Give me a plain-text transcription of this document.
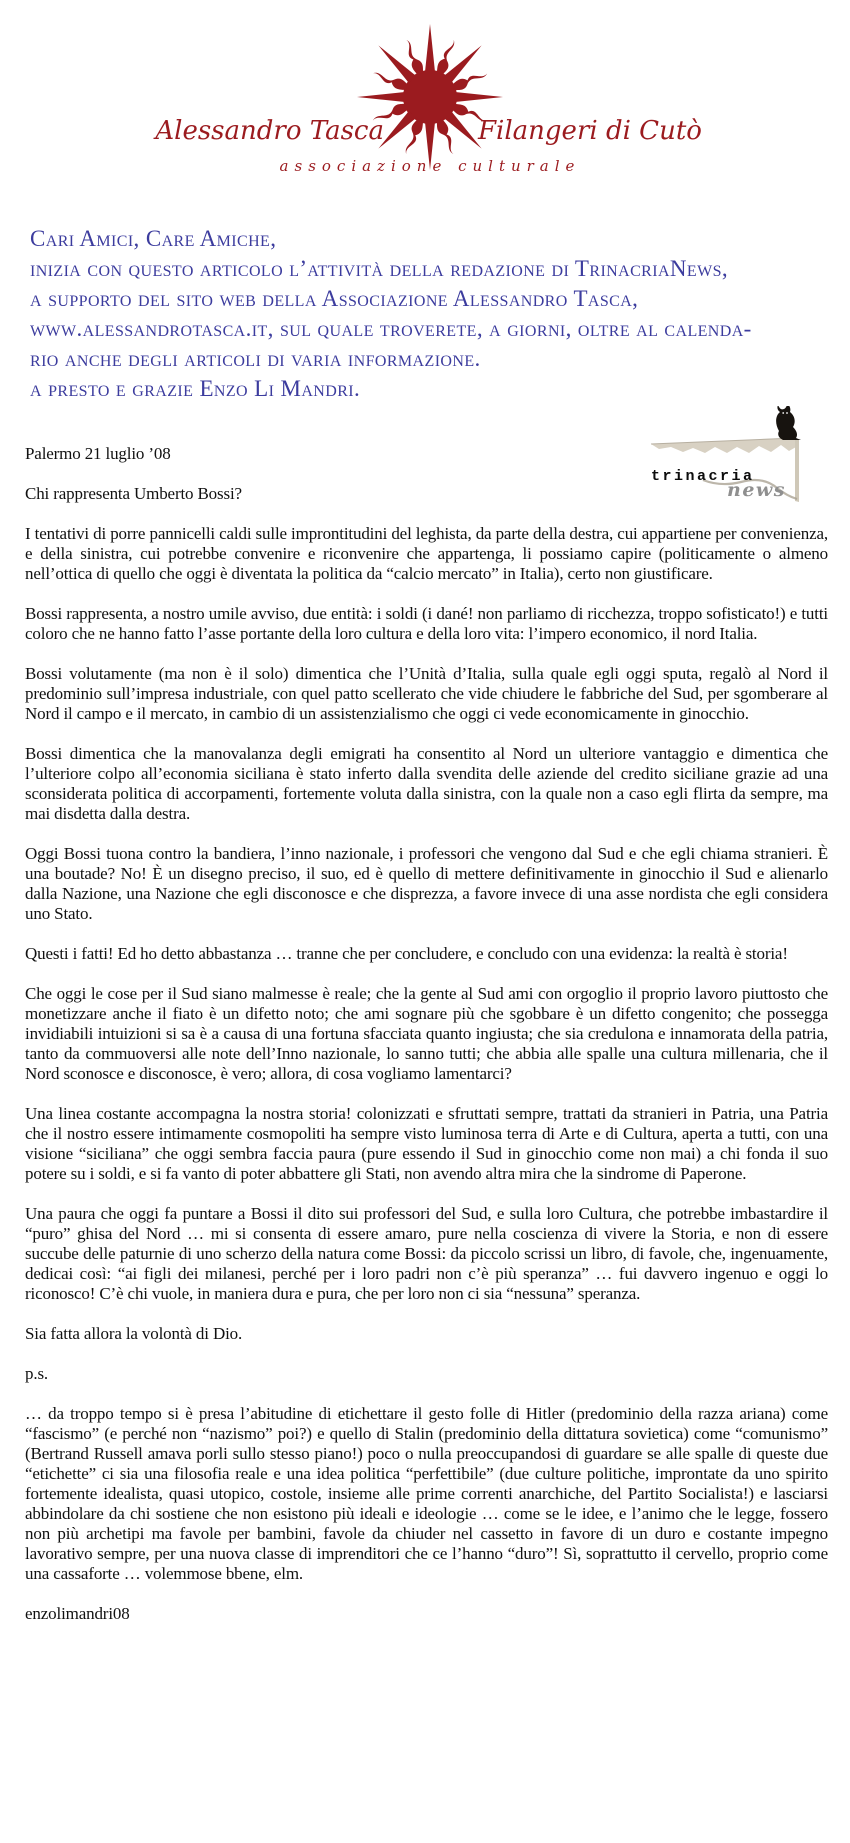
Alessandro Tasca	Filangeri di Cutò
associazione culturale
Cari Amici, Care Amiche,
inizia con questo articolo l’attività della redazione di TrinacriaNews,
a supporto del sito web della Associazione Alessandro Tasca,
www.alessandrotasca.it, sul quale troverete, a giorni, oltre al calenda-
rio anche degli articoli di varia informazione.
a presto e grazie Enzo Li Mandri.
trinacria
news

Palermo 21 luglio ’08

Chi rappresenta Umberto Bossi?

I tentativi di porre pannicelli caldi sulle improntitudini del leghista, da parte della destra, cui appartiene per convenienza, e della sinistra, cui potrebbe convenire e riconvenire che appartenga, li possiamo capire (politicamente o almeno nell’ottica di quello che oggi è diventata la politica da “calcio mercato” in Italia), certo non giustificare.

Bossi rappresenta, a nostro umile avviso, due entità: i soldi (i dané! non parliamo di ricchezza, troppo sofisticato!) e tutti coloro che ne hanno fatto l’asse portante della loro cultura e della loro vita: l’impero economico, il nord Italia.

Bossi volutamente (ma non è il solo) dimentica che l’Unità d’Italia, sulla quale egli oggi sputa, regalò al Nord il predominio sull’impresa industriale, con quel patto scellerato che vide chiudere le fabbriche del Sud, per sgomberare al Nord il campo e il mercato, in cambio di un assistenzialismo che oggi ci vede economicamente in ginocchio.

Bossi dimentica che la manovalanza degli emigrati ha consentito al Nord un ulteriore vantaggio e dimentica che l’ulteriore colpo all’economia siciliana è stato inferto dalla svendita delle aziende del credito siciliane grazie ad una sconsiderata politica di accorpamenti, fortemente voluta dalla sinistra, con la quale non a caso egli flirta da sempre, ma mai disdetta dalla destra.

Oggi Bossi tuona contro la bandiera, l’inno nazionale, i professori che vengono dal Sud e che egli chiama stranieri. È una boutade? No! È un disegno preciso, il suo, ed è quello di mettere definitivamente in ginocchio il Sud e alienarlo dalla Nazione, una Nazione che egli disconosce e che disprezza, a favore invece di una asse nordista che egli considera uno Stato.

Questi i fatti! Ed ho detto abbastanza … tranne che per concludere, e concludo con una evidenza: la realtà è storia!

Che oggi le cose per il Sud siano malmesse è reale; che la gente al Sud ami con orgoglio il proprio lavoro piuttosto che monetizzare anche il fiato è un difetto noto; che ami sognare più che sgobbare è un difetto congenito; che possegga invidiabili intuizioni si sa è a causa di una fortuna sfacciata quanto ingiusta; che sia credulona e innamorata della patria, tanto da commuoversi alle note dell’Inno nazionale, lo sanno tutti; che abbia alle spalle una cultura millenaria, che il Nord sconosce e disconosce, è vero; allora, di cosa vogliamo lamentarci?

Una linea costante accompagna la nostra storia! colonizzati e sfruttati sempre, trattati da stranieri in Patria, una Patria che il nostro essere intimamente cosmopoliti ha sempre visto luminosa terra di Arte e di Cultura, aperta a tutti, con una visione “siciliana” che oggi sembra faccia paura (pure essendo il Sud in ginocchio come non mai) a chi fonda il suo potere su i soldi, e si fa vanto di poter abbattere gli Stati, non avendo altra mira che la sindrome di Paperone.

Una paura che oggi fa puntare a Bossi il dito sui professori del Sud, e sulla loro Cultura, che potrebbe imbastardire il “puro” ghisa del Nord … mi si consenta di essere amaro, pure nella coscienza di vivere la Storia, e non di essere succube delle paturnie di uno scherzo della natura come Bossi: da piccolo scrissi un libro, di favole, che, ingenuamente, dedicai così: “ai figli dei milanesi, perché per i loro padri non c’è più speranza” … fui davvero ingenuo e oggi lo riconosco! C’è chi vuole, in maniera dura e pura, che per loro non ci sia “nessuna” speranza.

Sia fatta allora la volontà di Dio.

p.s.

… da troppo tempo si è presa l’abitudine di etichettare il gesto folle di Hitler (predominio della razza ariana) come “fascismo” (e perché non “nazismo” poi?) e quello di Stalin (predominio della dittatura sovietica) come “comunismo” (Bertrand Russell amava porli sullo stesso piano!) poco o nulla preoccupandosi di guardare se alle spalle di queste due “etichette” ci sia una filosofia reale e una idea politica “perfettibile” (due culture politiche, improntate da uno spirito fortemente idealista, quasi utopico, costole, insieme alle prime correnti anarchiche, del Partito Socialista!) e lasciarsi abbindolare da chi sostiene che non esistono più ideali e ideologie … come se le idee, e l’animo che le legge, fossero non più archetipi ma favole per bambini, favole da chiuder nel cassetto in favore di un duro e costante impegno lavorativo sempre, per una nuova classe di imprenditori che ce l’hanno “duro”! Sì, soprattutto il cervello, proprio come una cassaforte … volemmose bbene, elm.

enzolimandri08
